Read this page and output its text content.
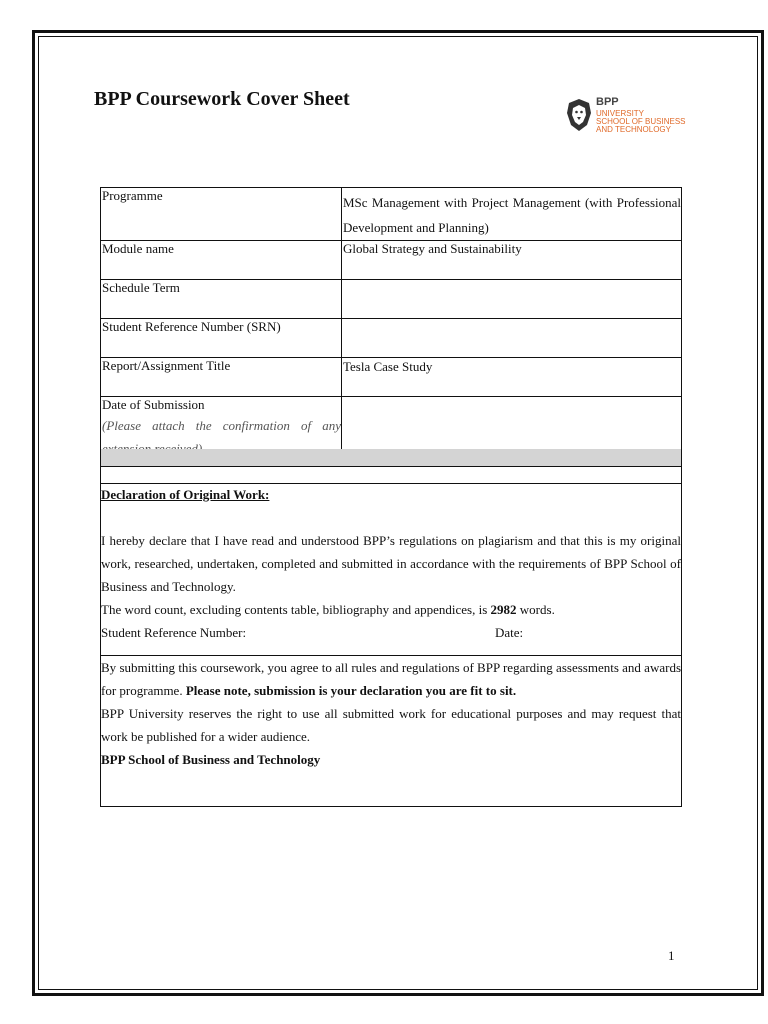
BPP Coursework Cover Sheet	BPP
UNIVERSITY
SCHOOL OF BUSINESS
AND TECHNOLOGY
Programme	MSc Management with Project Management (with Professional Development and Planning)

Module name	Global Strategy and Sustainability
Schedule Term	
Student Reference Number (SRN)	
Report/Assignment Title	Tesla Case Study

Date of Submission
(Please attach the confirmation of any	

Declaration of Original Work:
I hereby declare that I have read and understood BPP’s regulations on plagiarism and that this is my original work, researched, undertaken, completed and submitted in accordance with the requirements of BPP School of Business and Technology.
The word count, excluding contents table, bibliography and appendices, is 2982 words.
Student Reference Number:	Date:
By submitting this coursework, you agree to all rules and regulations of BPP regarding assessments and awards for programme. Please note, submission is your declaration you are fit to sit.
BPP University reserves the right to use all submitted work for educational purposes and may request that work be published for a wider audience.
BPP School of Business and Technology
1
